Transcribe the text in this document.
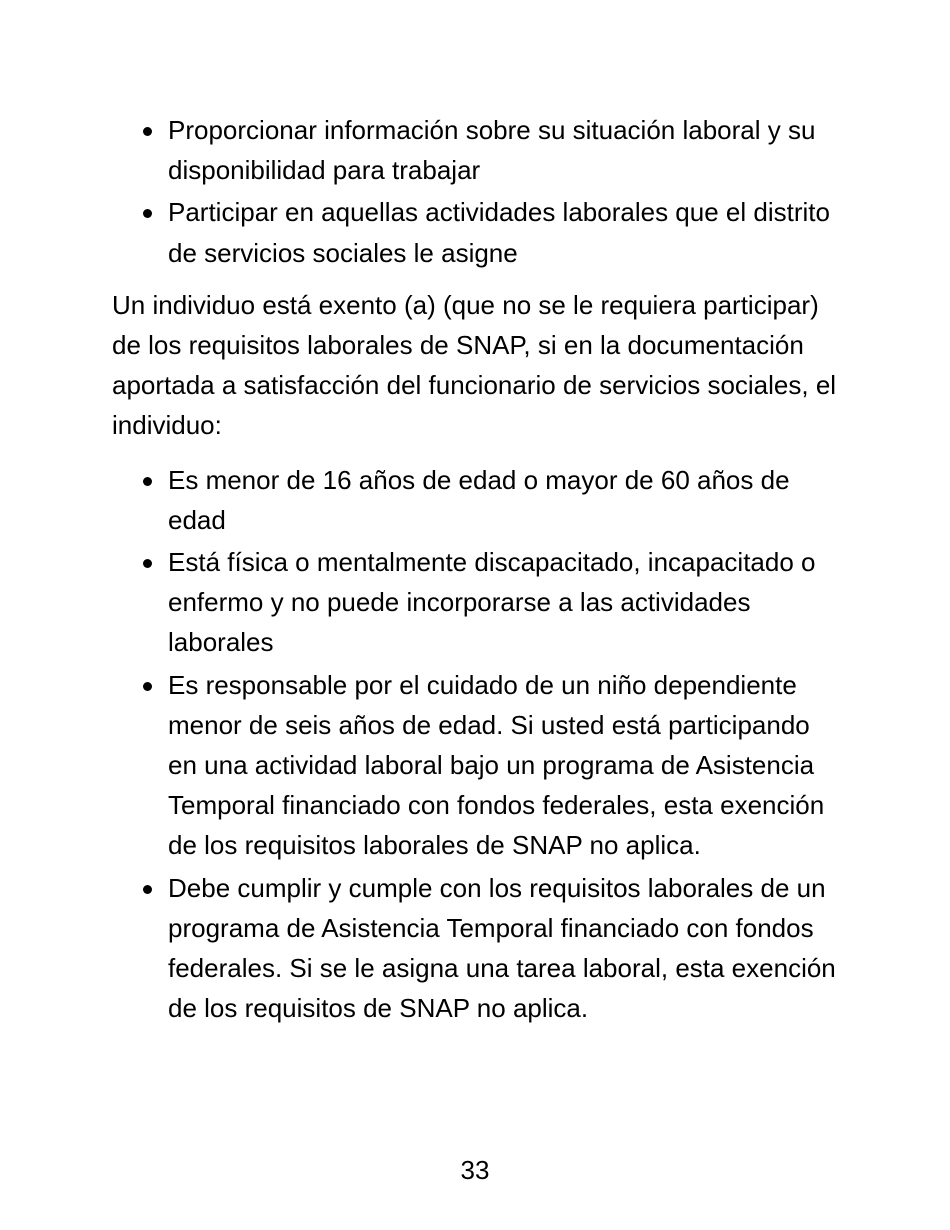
Proporcionar información sobre su situación laboral y su disponibilidad para trabajar
Participar en aquellas actividades laborales que el distrito de servicios sociales le asigne

Un individuo está exento (a) (que no se le requiera participar) de los requisitos laborales de SNAP, si en la documentación aportada a satisfacción del funcionario de servicios sociales, el individuo:

Es menor de 16 años de edad o mayor de 60 años de edad
Está física o mentalmente discapacitado, incapacitado o enfermo y no puede incorporarse a las actividades laborales
Es responsable por el cuidado de un niño dependiente menor de seis años de edad. Si usted está participando en una actividad laboral bajo un programa de Asistencia Temporal financiado con fondos federales, esta exención de los requisitos laborales de SNAP no aplica.
Debe cumplir y cumple con los requisitos laborales de un programa de Asistencia Temporal financiado con fondos federales. Si se le asigna una tarea laboral, esta exención de los requisitos de SNAP no aplica.
33
